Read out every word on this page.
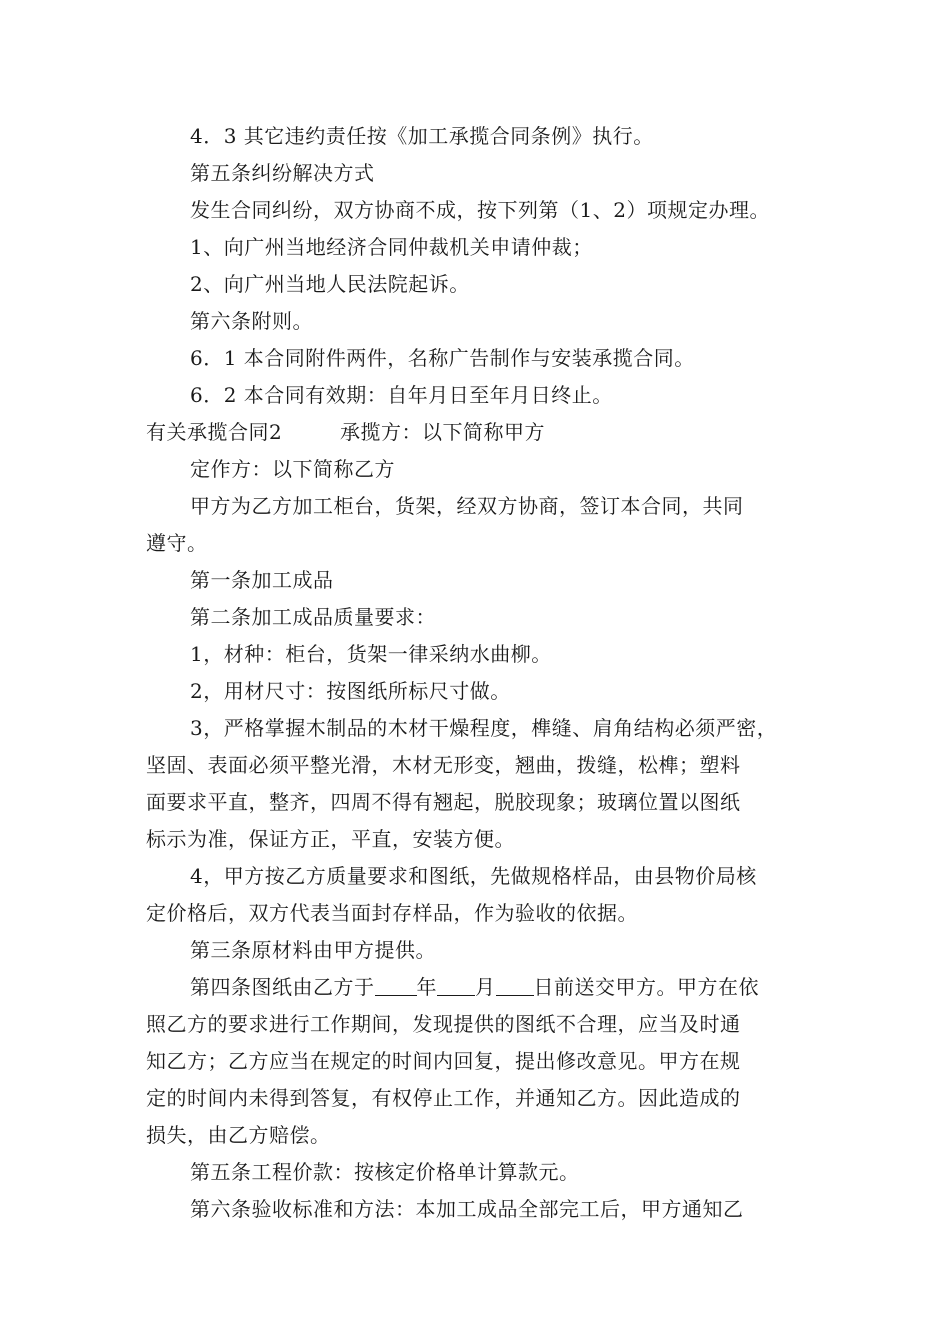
4．3 其它违约责任按《加工承揽合同条例》执行。
第五条纠纷解决方式
发生合同纠纷，双方协商不成，按下列第（1、2）项规定办理。
1、向广州当地经济合同仲裁机关申请仲裁；
2、向广州当地人民法院起诉。
第六条附则。
6．1 本合同附件两件，名称广告制作与安装承揽合同。
6．2 本合同有效期：自年月日至年月日终止。
有关承揽合同2	承揽方：以下简称甲方
定作方：以下简称乙方
甲方为乙方加工柜台，货架，经双方协商，签订本合同，共同
遵守。
第一条加工成品
第二条加工成品质量要求：
1，材种：柜台，货架一律采纳水曲柳。
2，用材尺寸：按图纸所标尺寸做。
3，严格掌握木制品的木材干燥程度，榫缝、肩角结构必须严密，
坚固、表面必须平整光滑，木材无形变，翘曲，拨缝，松榫；塑料
面要求平直，整齐，四周不得有翘起，脱胶现象；玻璃位置以图纸
标示为准，保证方正，平直，安装方便。
4，甲方按乙方质量要求和图纸，先做规格样品，由县物价局核
定价格后，双方代表当面封存样品，作为验收的依据。
第三条原材料由甲方提供。
第四条图纸由乙方于 年 月 日前送交甲方。甲方在依
照乙方的要求进行工作期间，发现提供的图纸不合理，应当及时通
知乙方；乙方应当在规定的时间内回复，提出修改意见。甲方在规
定的时间内未得到答复，有权停止工作，并通知乙方。因此造成的
损失，由乙方赔偿。
第五条工程价款：按核定价格单计算款元。
第六条验收标准和方法：本加工成品全部完工后，甲方通知乙
